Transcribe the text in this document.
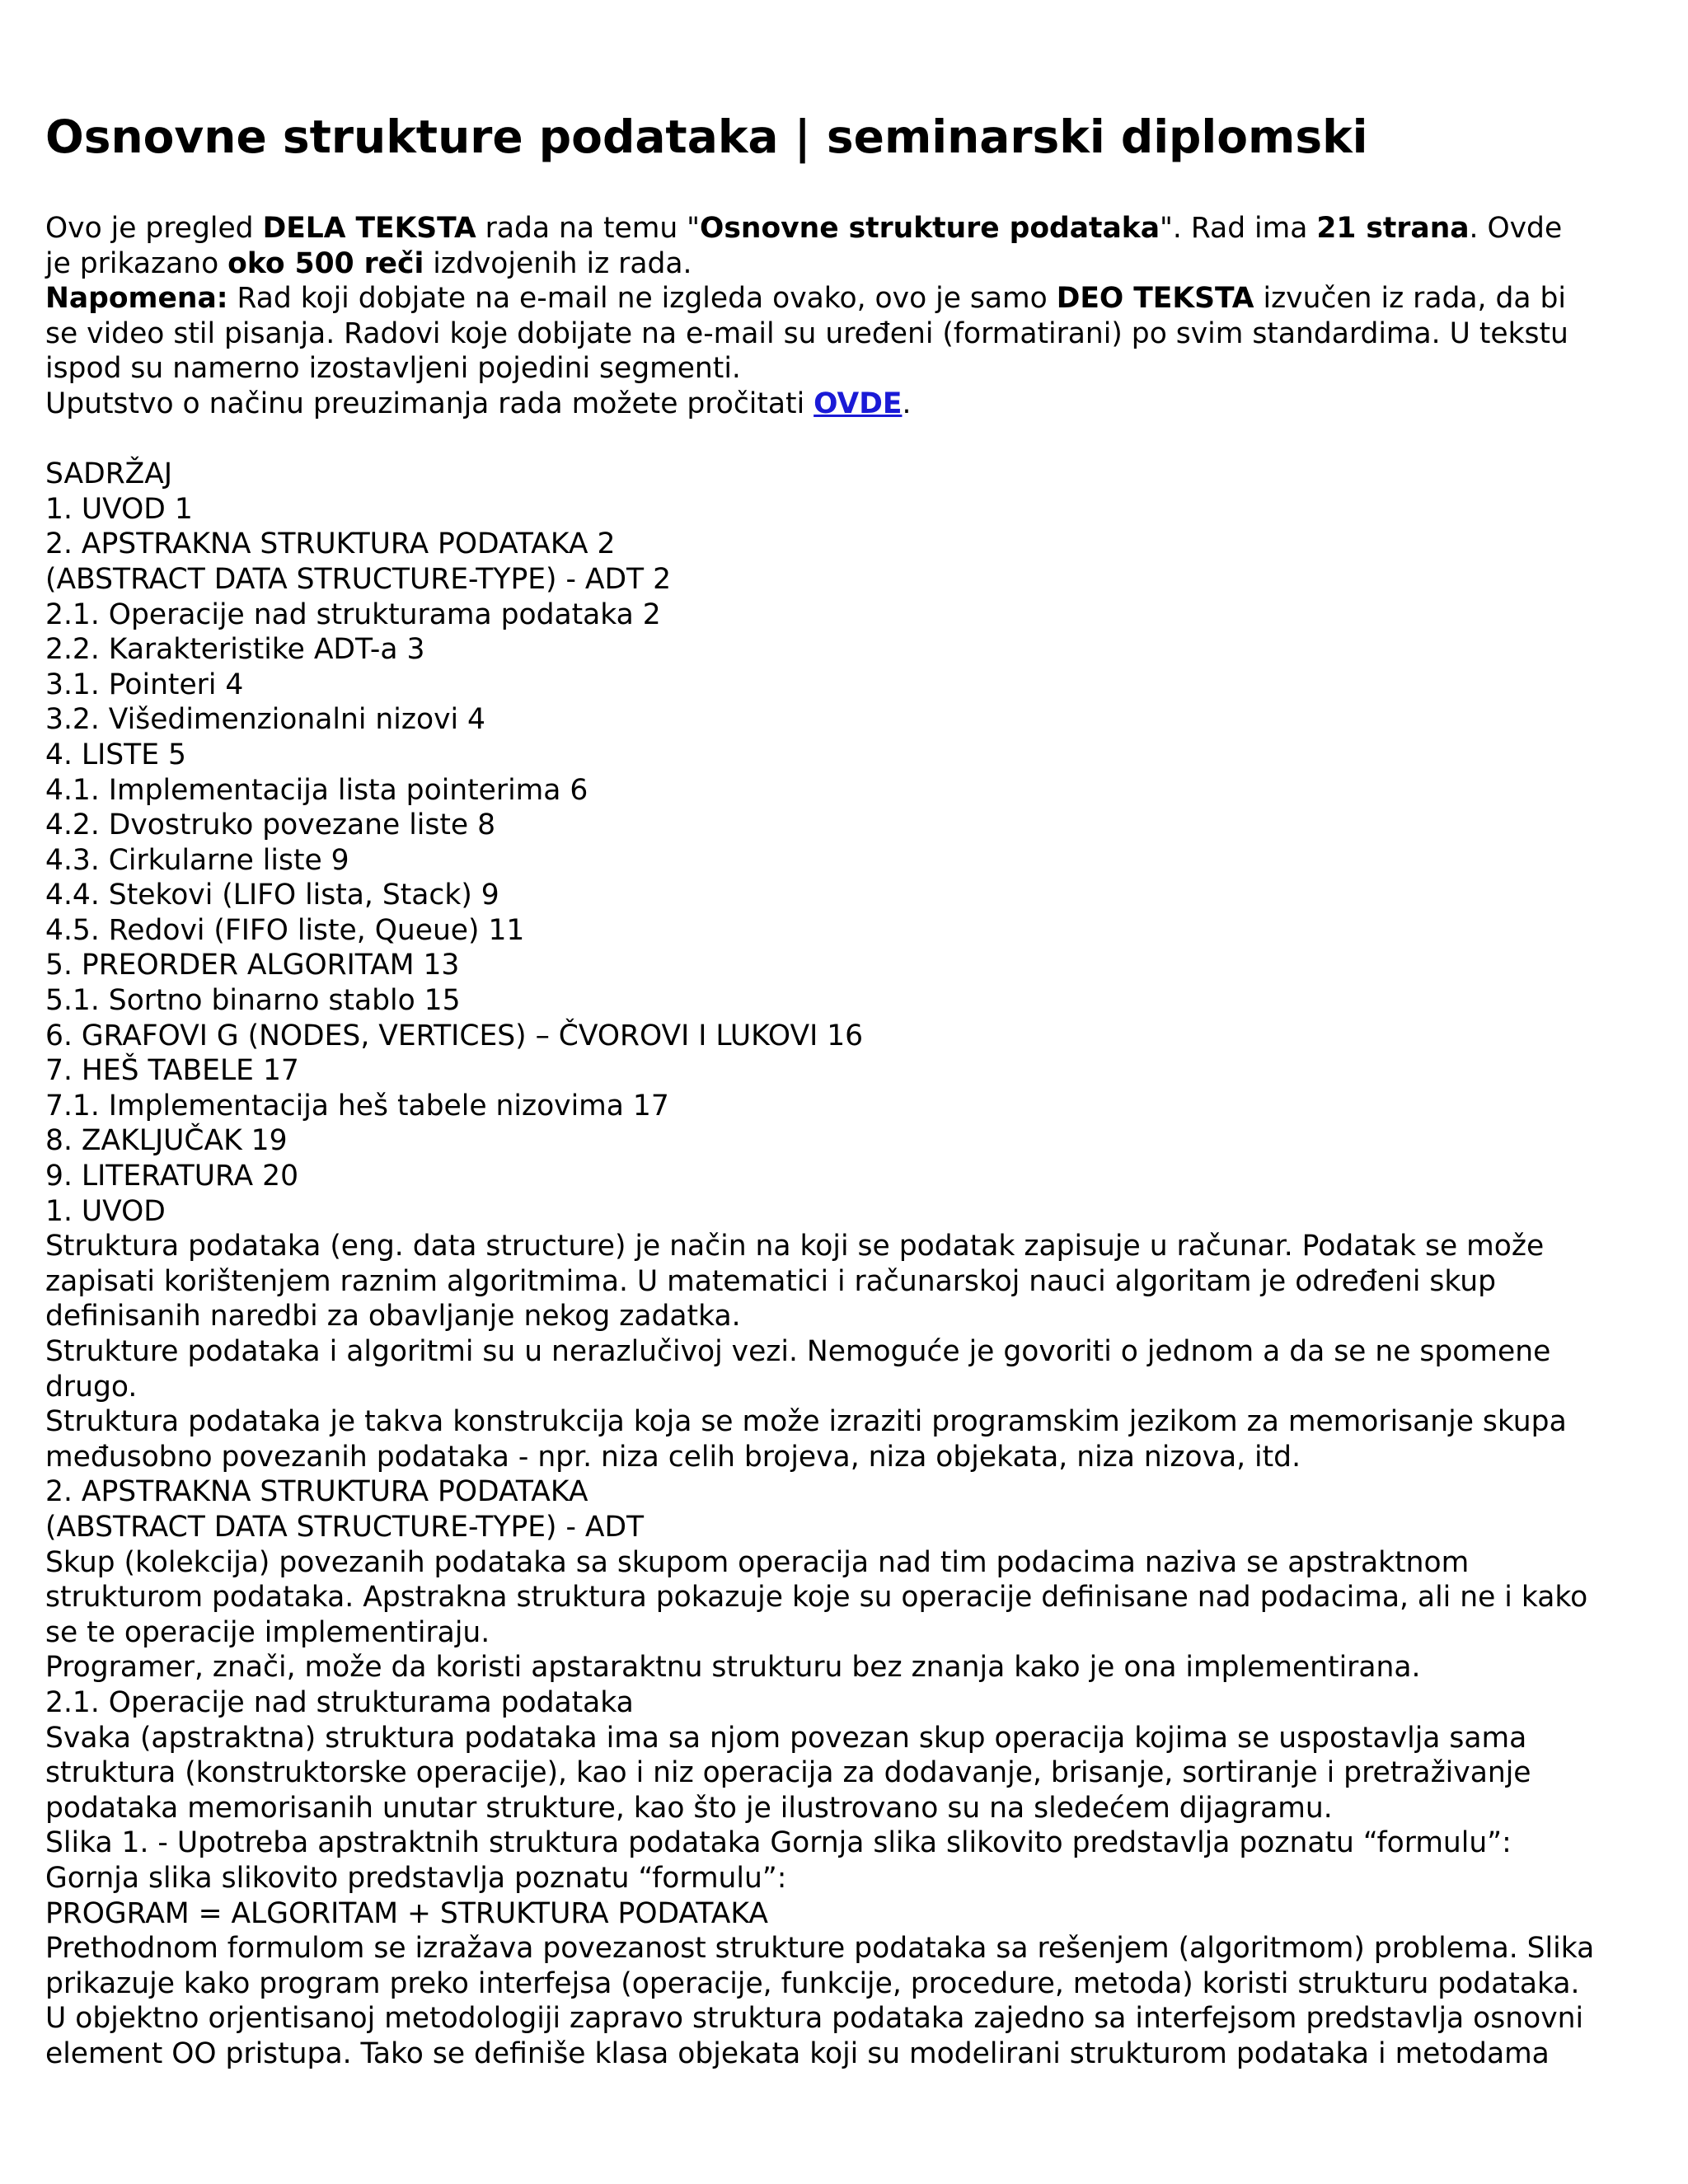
Osnovne strukture podataka | seminarski diplomski

Ovo je pregled DELA TEKSTA rada na temu "Osnovne strukture podataka". Rad ima 21 strana. Ovde

je prikazano oko 500 reči izdvojenih iz rada.

Napomena: Rad koji dobjate na e-mail ne izgleda ovako, ovo je samo DEO TEKSTA izvučen iz rada, da bi

se video stil pisanja. Radovi koje dobijate na e-mail su uređeni (formatirani) po svim standardima. U tekstu

ispod su namerno izostavljeni pojedini segmenti.

Uputstvo o načinu preuzimanja rada možete pročitati OVDE.

SADRŽAJ

1. UVOD 1

2. APSTRAKNA STRUKTURA PODATAKA 2

(ABSTRACT DATA STRUCTURE-TYPE) - ADT 2

2.1. Operacije nad strukturama podataka 2

2.2. Karakteristike ADT-a 3

3.1. Pointeri 4

3.2. Višedimenzionalni nizovi 4

4. LISTE 5

4.1. Implementacija lista pointerima 6

4.2. Dvostruko povezane liste 8

4.3. Cirkularne liste 9

4.4. Stekovi (LIFO lista, Stack) 9

4.5. Redovi (FIFO liste, Queue) 11

5. PREORDER ALGORITAM 13

5.1. Sortno binarno stablo 15

6. GRAFOVI G (NODES, VERTICES) – ČVOROVI I LUKOVI 16

7. HEŠ TABELE 17

7.1. Implementacija heš tabele nizovima 17

8. ZAKLJUČAK 19

9. LITERATURA 20

1. UVOD

Struktura podataka (eng. data structure) je način na koji se podatak zapisuje u računar. Podatak se može

zapisati korištenjem raznim algoritmima. U matematici i računarskoj nauci algoritam je određeni skup

definisanih naredbi za obavljanje nekog zadatka.

Strukture podataka i algoritmi su u nerazlučivoj vezi. Nemoguće je govoriti o jednom a da se ne spomene

drugo.

Struktura podataka je takva konstrukcija koja se može izraziti programskim jezikom za memorisanje skupa

međusobno povezanih podataka - npr. niza celih brojeva, niza objekata, niza nizova, itd.

2. APSTRAKNA STRUKTURA PODATAKA

(ABSTRACT DATA STRUCTURE-TYPE) - ADT

Skup (kolekcija) povezanih podataka sa skupom operacija nad tim podacima naziva se apstraktnom

strukturom podataka. Apstrakna struktura pokazuje koje su operacije definisane nad podacima, ali ne i kako

se te operacije implementiraju.

Programer, znači, može da koristi apstaraktnu strukturu bez znanja kako je ona implementirana.

2.1. Operacije nad strukturama podataka

Svaka (apstraktna) struktura podataka ima sa njom povezan skup operacija kojima se uspostavlja sama

struktura (konstruktorske operacije), kao i niz operacija za dodavanje, brisanje, sortiranje i pretraživanje

podataka memorisanih unutar strukture, kao što je ilustrovano su na sledećem dijagramu.

Slika 1. - Upotreba apstraktnih struktura podataka Gornja slika slikovito predstavlja poznatu “formulu”:

Gornja slika slikovito predstavlja poznatu “formulu”:

PROGRAM = ALGORITAM + STRUKTURA PODATAKA

Prethodnom formulom se izražava povezanost strukture podataka sa rešenjem (algoritmom) problema. Slika

prikazuje kako program preko interfejsa (operacije, funkcije, procedure, metoda) koristi strukturu podataka.

U objektno orjentisanoj metodologiji zapravo struktura podataka zajedno sa interfejsom predstavlja osnovni

element OO pristupa. Tako se definiše klasa objekata koji su modelirani strukturom podataka i metodama
